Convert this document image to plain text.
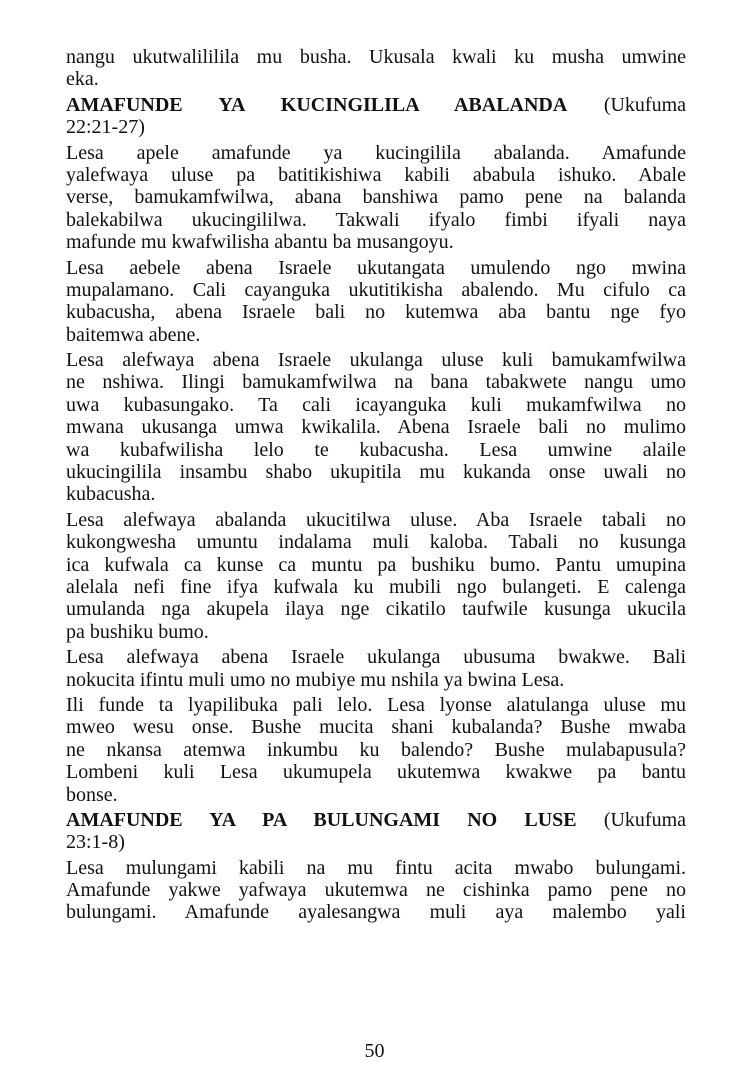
nangu ukutwalililila mu busha. Ukusala kwali ku musha umwine
eka.
AMAFUNDE YA KUCINGILILA ABALANDA (Ukufuma
22:21-27)
Lesa apele amafunde ya kucingilila abalanda. Amafunde
yalefwaya uluse pa batitikishiwa kabili ababula ishuko. Abale
verse, bamukamfwilwa, abana banshiwa pamo pene na balanda
balekabilwa ukucingililwa. Takwali ifyalo fimbi ifyali naya
mafunde mu kwafwilisha abantu ba musangoyu.
Lesa aebele abena Israele ukutangata umulendo ngo mwina
mupalamano. Cali cayanguka ukutitikisha abalendo. Mu cifulo ca
kubacusha, abena Israele bali no kutemwa aba bantu nge fyo
baitemwa abene.
Lesa alefwaya abena Israele ukulanga uluse kuli bamukamfwilwa
ne nshiwa. Ilingi bamukamfwilwa na bana tabakwete nangu umo
uwa kubasungako. Ta cali icayanguka kuli mukamfwilwa no
mwana ukusanga umwa kwikalila. Abena Israele bali no mulimo
wa kubafwilisha lelo te kubacusha. Lesa umwine alaile
ukucingilila insambu shabo ukupitila mu kukanda onse uwali no
kubacusha.
Lesa alefwaya abalanda ukucitilwa uluse. Aba Israele tabali no
kukongwesha umuntu indalama muli kaloba. Tabali no kusunga
ica kufwala ca kunse ca muntu pa bushiku bumo. Pantu umupina
alelala nefi fine ifya kufwala ku mubili ngo bulangeti. E calenga
umulanda nga akupela ilaya nge cikatilo taufwile kusunga ukucila
pa bushiku bumo.
Lesa alefwaya abena Israele ukulanga ubusuma bwakwe. Bali
nokucita ifintu muli umo no mubiye mu nshila ya bwina Lesa.
Ili funde ta lyapilibuka pali lelo. Lesa lyonse alatulanga uluse mu
mweo wesu onse. Bushe mucita shani kubalanda? Bushe mwaba
ne nkansa atemwa inkumbu ku balendo? Bushe mulabapusula?
Lombeni kuli Lesa ukumupela ukutemwa kwakwe pa bantu
bonse.
AMAFUNDE YA PA BULUNGAMI NO LUSE (Ukufuma
23:1-8)
Lesa mulungami kabili na mu fintu acita mwabo bulungami.
Amafunde yakwe yafwaya ukutemwa ne cishinka pamo pene no
bulungami. Amafunde ayalesangwa muli aya malembo yali
50
